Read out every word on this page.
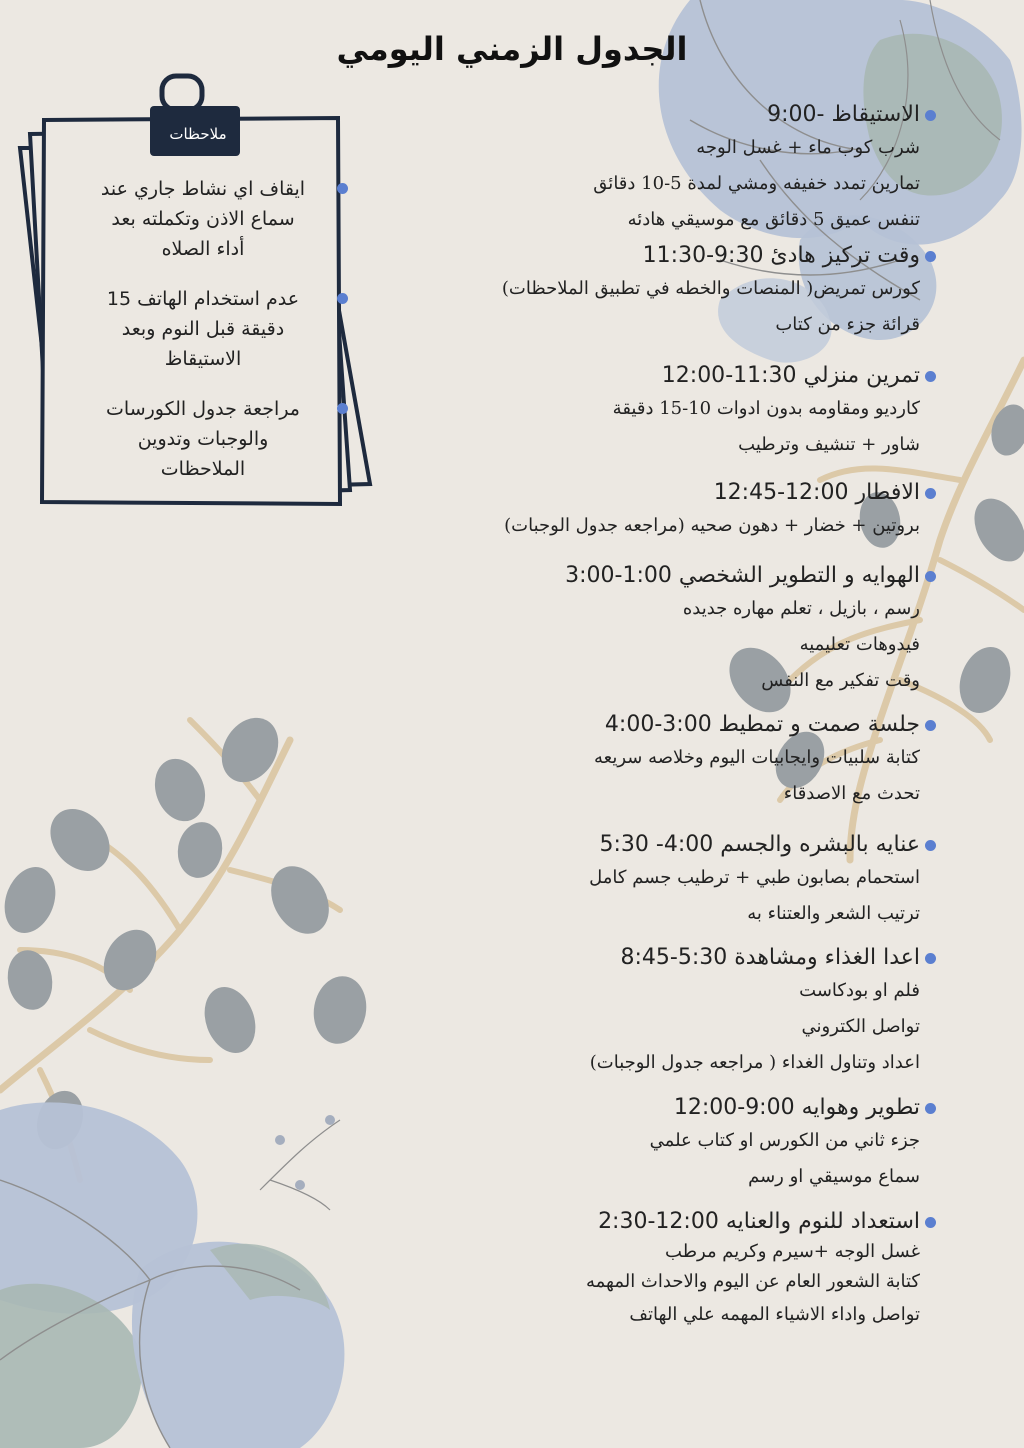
الجدول الزمني اليومي
ملاحظات
ايقاف اي نشاط جاري عند
سماع الاذن وتكملته بعد
أداء الصلاه
عدم استخدام الهاتف 15
دقيقة قبل النوم وبعد
الاستيقاظ
مراجعة جدول الكورسات
والوجبات وتدوين
الملاحظات
الاستيقاظ -9:00
شرب كوب ماء + غسل الوجه
تمارين تمدد خفيفه ومشي لمدة 5-10 دقائق
تنفس عميق 5 دقائق مع موسيقي هادئه
وقت تركيز هادئ 9:30-11:30
كورس تمريض( المنصات والخطه في تطبيق الملاحظات)
قرائة جزء من كتاب
تمرين منزلي 11:30-12:00
كارديو ومقاومه بدون ادوات 10-15 دقيقة
شاور + تنشيف وترطيب
الافطار 12:00-12:45
بروتين + خضار + دهون صحيه (مراجعه جدول الوجبات)
الهوايه و التطوير الشخصي 1:00-3:00
رسم ، بازيل ، تعلم مهاره جديده
فيدوهات تعليميه
وقت تفكير مع النفس
جلسة صمت و تمطيط 3:00-4:00
كتابة سلبيات وايجابيات اليوم وخلاصه سريعه
تحدث مع الاصدقاء
عنايه بالبشره والجسم 4:00- 5:30
استحمام بصابون طبي + ترطيب جسم كامل
ترتيب الشعر والعتناء به
اعدا الغذاء ومشاهدة 5:30-8:45
فلم او بودكاست
تواصل الكتروني
اعداد وتناول الغداء ( مراجعه جدول الوجبات)
تطوير وهوايه 9:00-12:00
جزء ثاني من الكورس او كتاب علمي
سماع موسيقي او رسم
استعداد للنوم والعنايه 12:00-2:30
غسل الوجه +سيرم وكريم مرطب
كتابة الشعور العام عن اليوم والاحداث المهمه
تواصل واداء الاشياء المهمه علي الهاتف
